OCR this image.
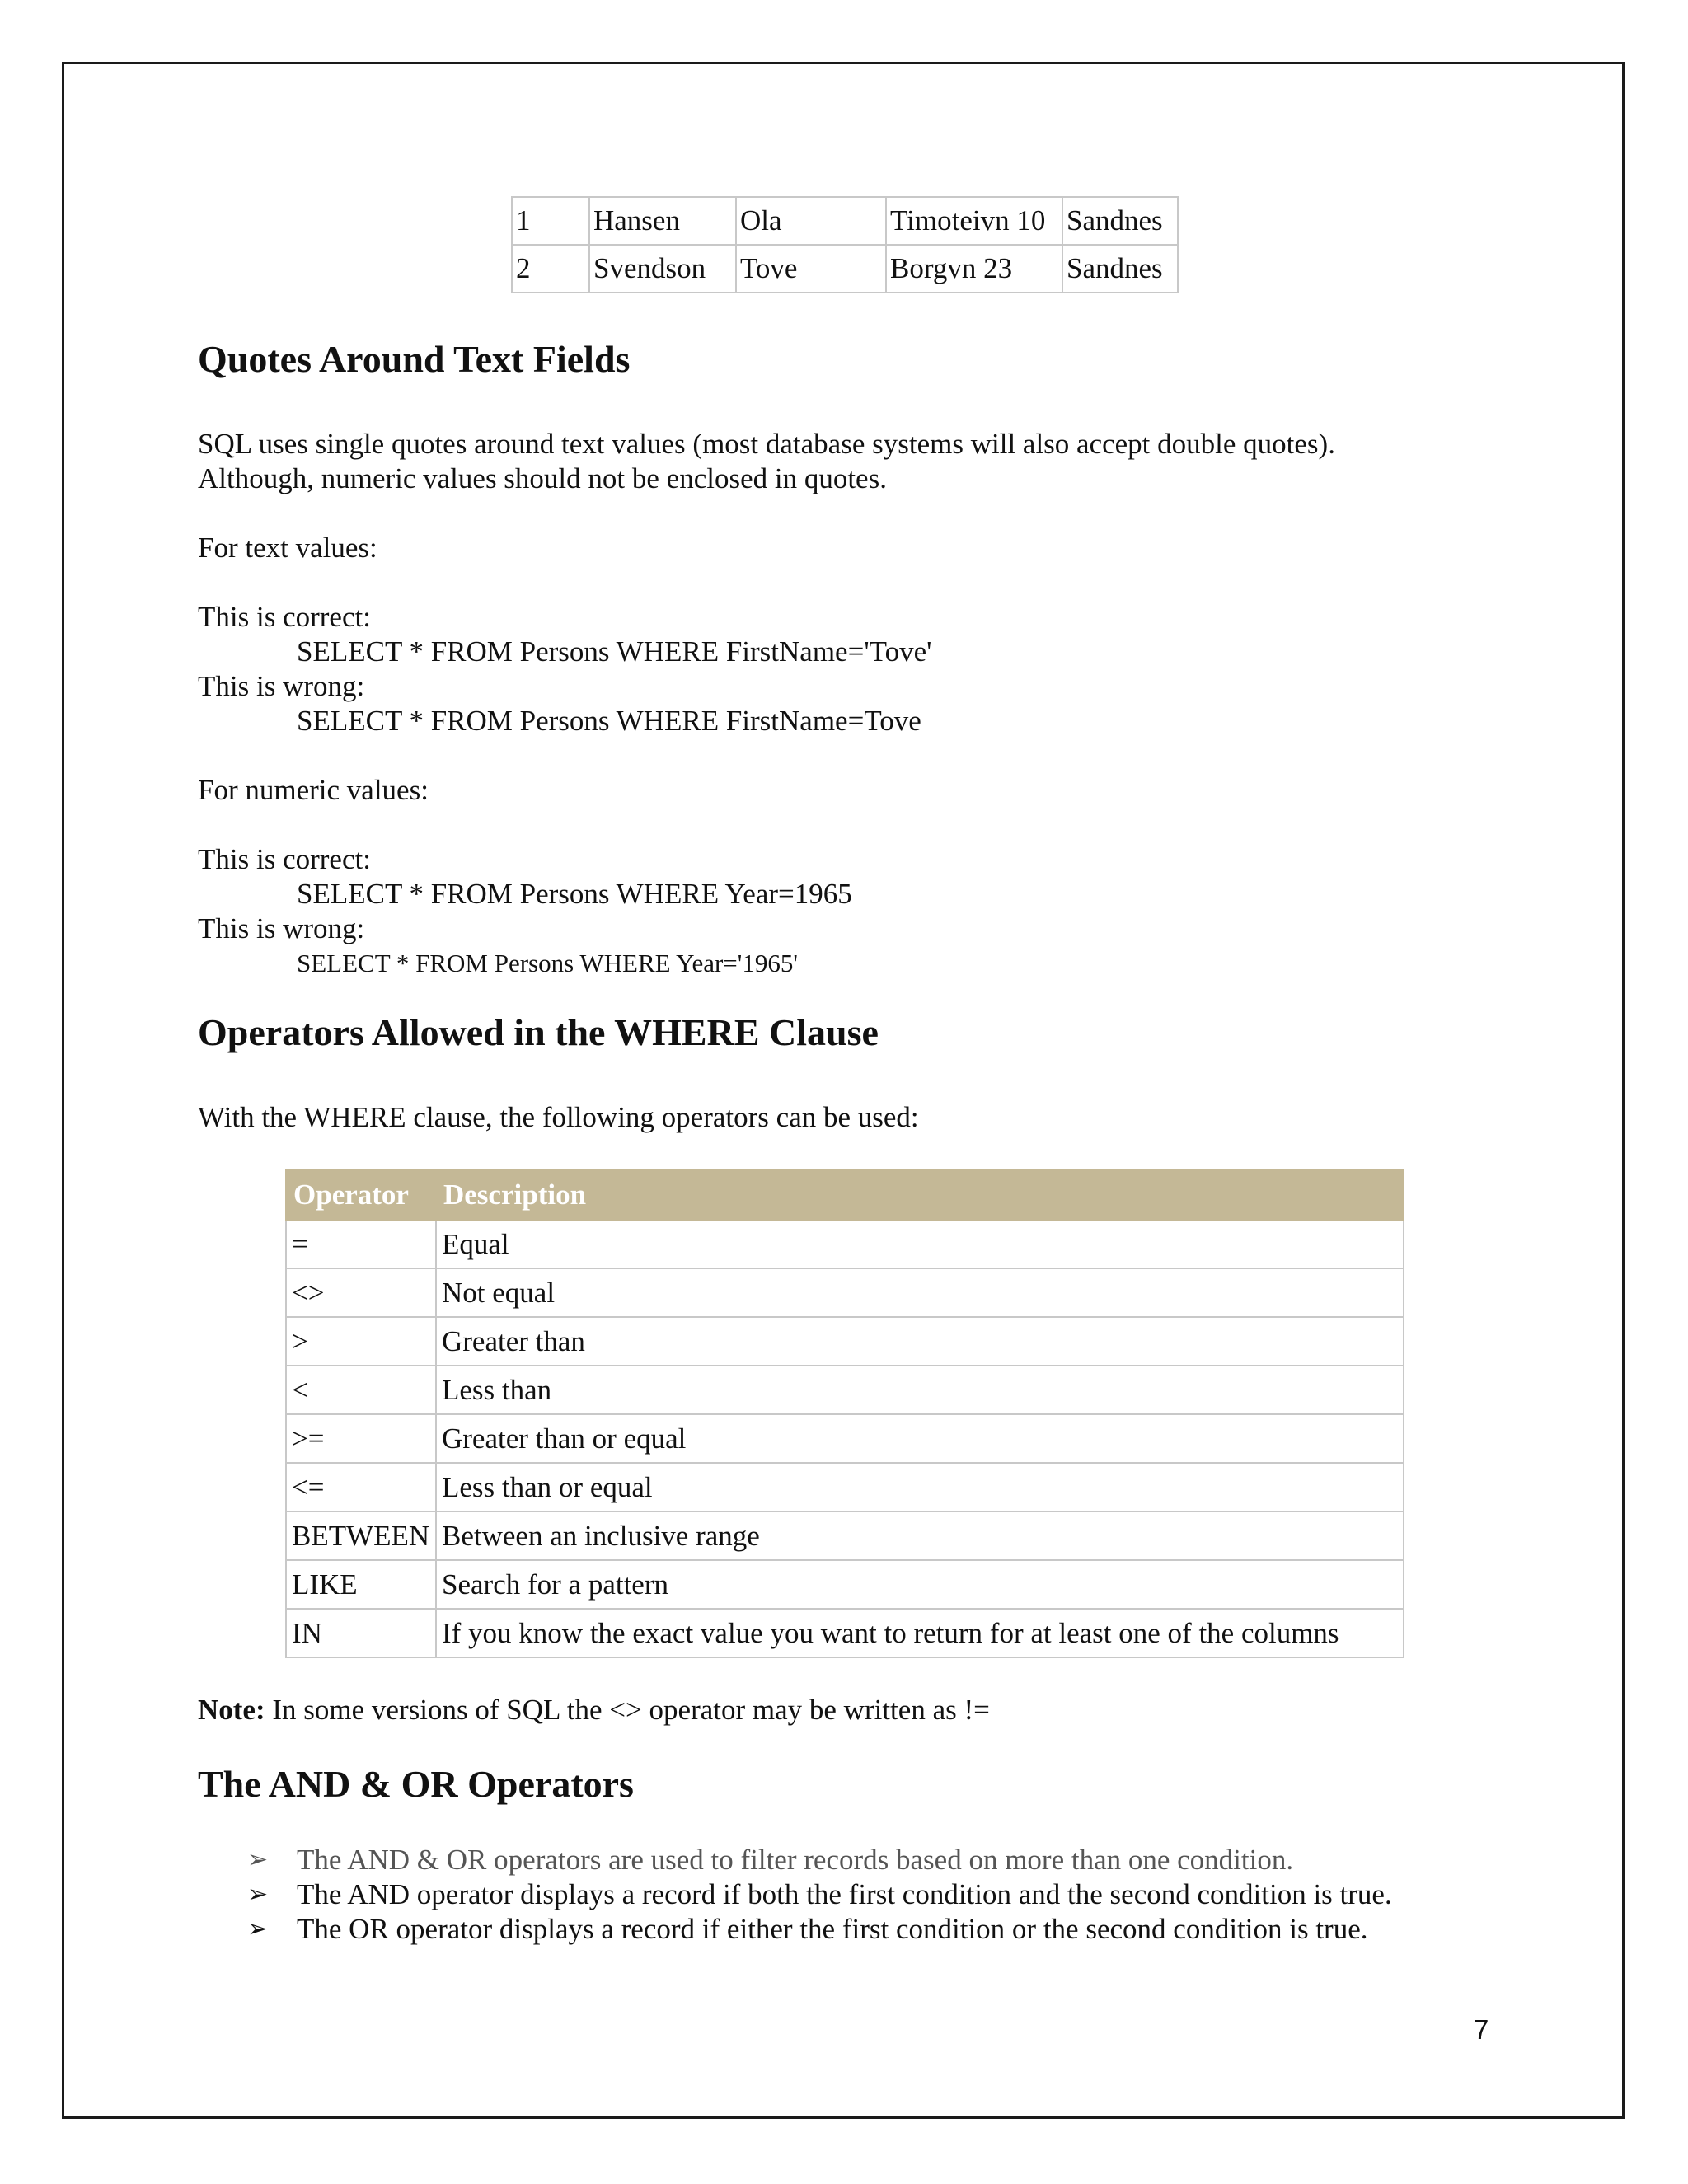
1	Hansen	Ola	Timoteivn 10	Sandnes
2	Svendson	Tove	Borgvn 23	Sandnes
Quotes Around Text Fields

SQL uses single quotes around text values (most database systems will also accept double quotes).

Although, numeric values should not be enclosed in quotes.

For text values:

This is correct:

SELECT * FROM Persons WHERE FirstName='Tove'

This is wrong:

SELECT * FROM Persons WHERE FirstName=Tove

For numeric values:

This is correct:

SELECT * FROM Persons WHERE Year=1965

This is wrong:

SELECT * FROM Persons WHERE Year='1965'

Operators Allowed in the WHERE Clause

With the WHERE clause, the following operators can be used:

Operator	Description
=	Equal
<>	Not equal
>	Greater than
<	Less than
>=	Greater than or equal
<=	Less than or equal
BETWEEN	Between an inclusive range
LIKE	Search for a pattern
IN	If you know the exact value you want to return for at least one of the columns

Note: In some versions of SQL the <> operator may be written as !=

The AND & OR Operators
➢ The AND & OR operators are used to filter records based on more than one condition.
➢ The AND operator displays a record if both the first condition and the second condition is true.
➢ The OR operator displays a record if either the first condition or the second condition is true.
7
